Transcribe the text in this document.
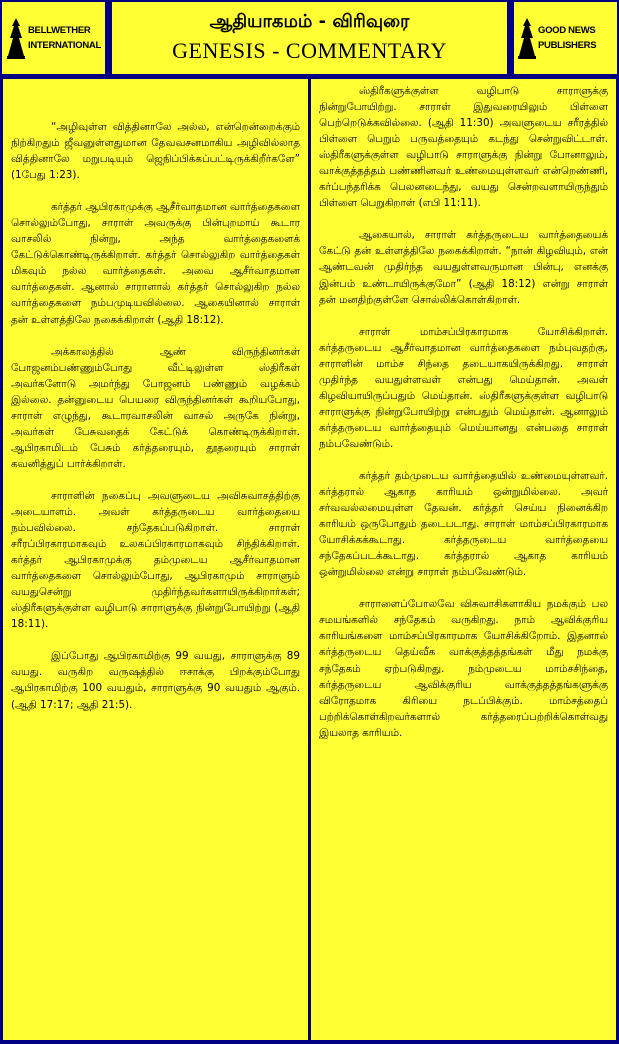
BELLWETHER
INTERNATIONAL
ஆதியாகமம் - விரிவுரை
GENESIS - COMMENTARY
GOOD NEWS
PUBLISHERS

“அழிவுள்ள வித்தினாலே அல்ல, என்றென்றைக்கும் நிற்கிறதும் ஜீவனுள்ளதுமான தேவவசனமாகிய அழிவில்லாத வித்தினாலே மறுபடியும் ஜெநிப்பிக்கப்பட்டிருக்கிறீர்களே” (1பேது 1:23).

கர்த்தர் ஆபிரகாமுக்கு ஆசீர்வாதமான வார்த்தைகளை சொல்லும்போது, சாராள் அவருக்கு பின்புறமாய் கூடார வாசலில் நின்று, அந்த வார்த்தைகளைக் கேட்டுக்கொண்டிருக்கிறாள். கர்த்தர் சொல்லுகிற வார்த்தைகள் மிகவும் நல்ல வார்த்தைகள். அவை ஆசீர்வாதமான வார்த்தைகள். ஆனால் சாராளால் கர்த்தர் சொல்லுகிற நல்ல வார்த்தைகளை நம்பமுடியவில்லை. ஆகையினால் சாராள் தன் உள்ளத்திலே நகைக்கிறாள் (ஆதி 18:12).

அக்காலத்தில் ஆண் விருந்தினர்கள் போஜனம்பண்ணும்போது வீட்டிலுள்ள ஸ்திரீகள் அவர்களோடு அமர்ந்து போஜனம் பண்ணும் வழக்கம் இல்லை. தன்னுடைய பெயரை விருந்தினர்கள் கூறியபோது, சாராள் எழுந்து, கூடாரவாசலின் வாசல் அருகே நின்று, அவர்கள் பேசுவதைக் கேட்டுக் கொண்டிருக்கிறாள். ஆபிரகாமிடம் பேசும் கர்த்தரையும், தூதரையும் சாராள் கவனித்துப் பார்க்கிறாள்.

சாராளின் நகைப்பு அவளுடைய அவிசுவாசத்திற்கு அடையாளம். அவள் கர்த்தருடைய வார்த்தையை நம்பவில்லை. சந்தேகப்படுகிறாள். சாராள் சரீரப்பிரகாரமாகவும் உலகப்பிரகாரமாகவும் சிந்திக்கிறாள். கர்த்தர் ஆபிரகாமுக்கு தம்முடைய ஆசீர்வாதமான வார்த்தைகளை சொல்லும்போது, ஆபிரகாமும் சாராளும் வயதுசென்று முதிர்ந்தவர்களாயிருக்கிறார்கள்; ஸ்திரீகளுக்குள்ள வழிபாடு சாராளுக்கு நின்றுபோயிற்று (ஆதி 18:11).

இப்போது ஆபிரகாமிற்கு 99 வயது, சாராளுக்கு 89 வயது. வருகிற வருஷத்தில் ஈசாக்கு பிறக்கும்போது ஆபிரகாமிற்கு 100 வயதும், சாராளுக்கு 90 வயதும் ஆகும். (ஆதி 17:17; ஆதி 21:5).

ஸ்திரீகளுக்குள்ள வழிபாடு சாராளுக்கு நின்றுபோயிற்று. சாராள் இதுவரையிலும் பிள்ளை பெற்றெடுக்கவில்லை. (ஆதி 11:30) அவளுடைய சரீரத்தில் பிள்ளை பெறும் பருவத்தையும் கடந்து சென்றுவிட்டாள். ஸ்திரீகளுக்குள்ள வழிபாடு சாராளுக்கு நின்று போனாலும், வாக்குத்தத்தம் பண்ணினவர் உண்மையுள்ளவர் என்றெண்ணி, கர்ப்பந்தரிக்க பெலனடைந்து, வயது சென்றவளாயிருந்தும் பிள்ளை பெறுகிறாள் (எபி 11:11).

ஆகையால், சாராள் கர்த்தருடைய வார்த்தையைக் கேட்டு தன் உள்ளத்திலே நகைக்கிறாள். “நான் கிழவியும், என் ஆண்டவன் முதிர்ந்த வயதுள்ளவருமான பின்பு, எனக்கு இன்பம் உண்டாயிருக்குமோ” (ஆதி 18:12) என்று சாராள் தன் மனதிற்குள்ளே சொல்லிக்கொள்கிறாள்.

சாராள் மாம்சப்பிரகாரமாக யோசிக்கிறாள். கர்த்தருடைய ஆசீர்வாதமான வார்த்தைகளை நம்புவதற்கு, சாராளின் மாம்ச சிந்தை தடையாகயிருக்கிறது. சாராள் முதிர்ந்த வயதுள்ளவள் என்பது மெய்தான். அவள் கிழவியாயிருப்பதும் மெய்தான். ஸ்திரீகளுக்குள்ள வழிபாடு சாராளுக்கு நின்றுபோயிற்று என்பதும் மெய்தான். ஆனாலும் கர்த்தருடைய வார்த்தையும் மெய்யானது என்பதை சாராள் நம்பவேண்டும்.

கர்த்தர் தம்முடைய வார்த்தையில் உண்மையுள்ளவர். கர்த்தரால் ஆகாத காரியம் ஒன்றுமில்லை. அவர் சர்வவல்லமையுள்ள தேவன். கர்த்தர் செய்ய நினைக்கிற காரியம் ஒருபோதும் தடைபடாது. சாராள் மாம்சப்பிரகாரமாக யோசிக்கக்கூடாது. கர்த்தருடைய வார்த்தையை சந்தேகப்படக்கூடாது. கர்த்தரால் ஆகாத காரியம் ஒன்றுமில்லை என்று சாராள் நம்பவேண்டும்.

சாராளைப்போலவே விசுவாசிகளாகிய நமக்கும் பல சமயங்களில் சந்தேகம் வருகிறது. நாம் ஆவிக்குரிய காரியங்களை மாம்சப்பிரகாரமாக யோசிக்கிறோம். இதனால் கர்த்தருடைய தெய்வீக வாக்குத்தத்தங்கள் மீது நமக்கு சந்தேகம் ஏற்படுகிறது. நம்முடைய மாம்சசிந்தை, கர்த்தருடைய ஆவிக்குரிய வாக்குத்தத்தங்களுக்கு விரோதமாக கிரியை நடப்பிக்கும். மாம்சத்தைப் பற்றிக்கொள்கிறவர்களால் கர்த்தரைப்பற்றிக்கொள்வது இயலாத காரியம்.
